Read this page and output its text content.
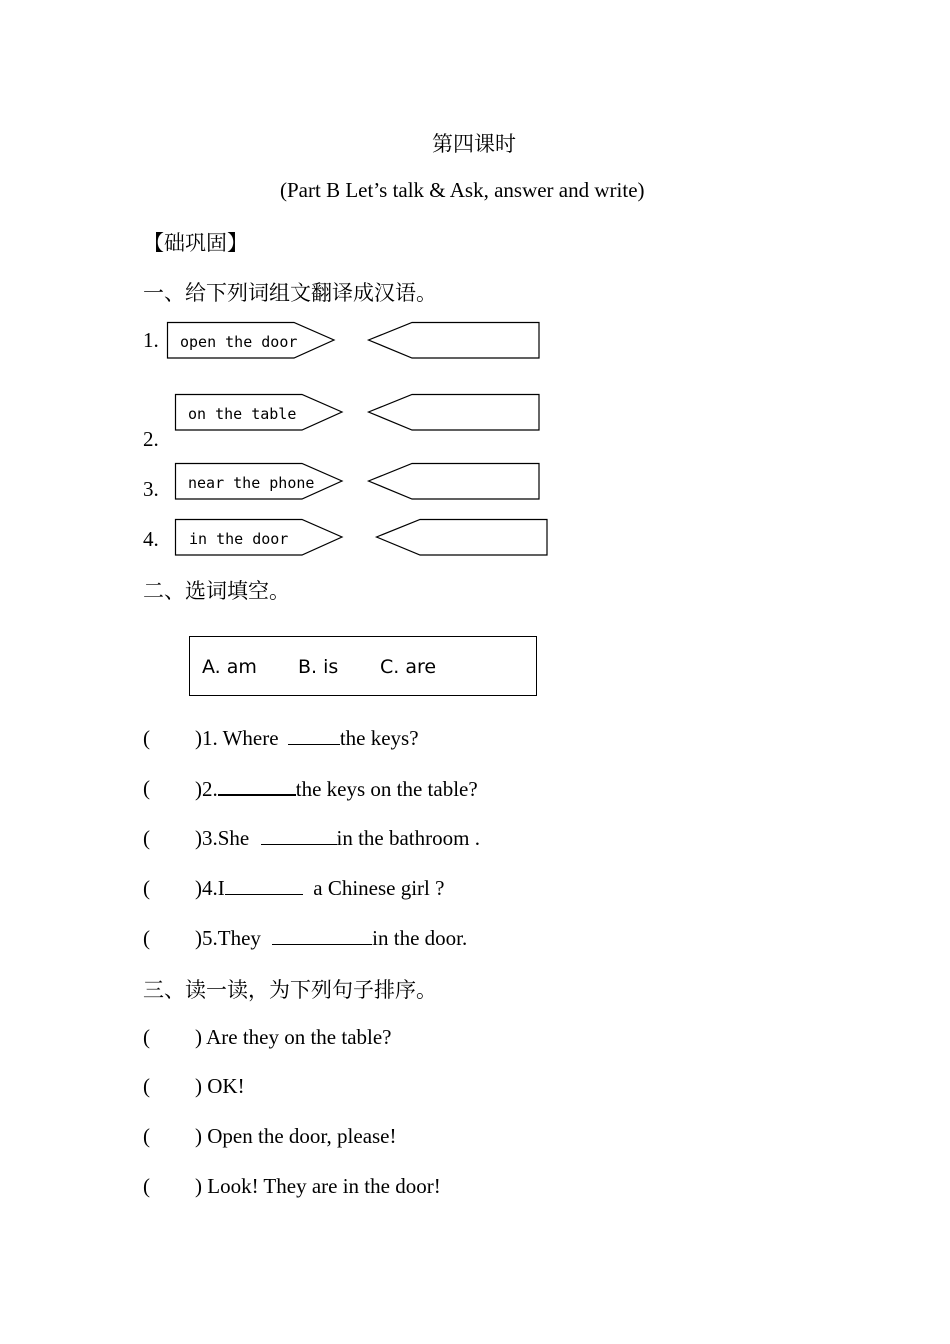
第四课时
(Part B Let’s talk & Ask, answer and write)
【础巩固】
一、给下列词组文翻译成汉语。
1. open the door
2.
on the table
3. near the phone
4. in the door
二、选词填空。
A. am B. is C. are
( )1. Where	the keys?
( )2.	the keys on the table?
( )3.She	in the bathroom .
( )4.I	a Chinese girl ?
( )5.They	in the door.
三、读一读，为下列句子排序。
( ) Are they on the table?
( ) OK!
( ) Open the door, please!
( ) Look! They are in the door!
